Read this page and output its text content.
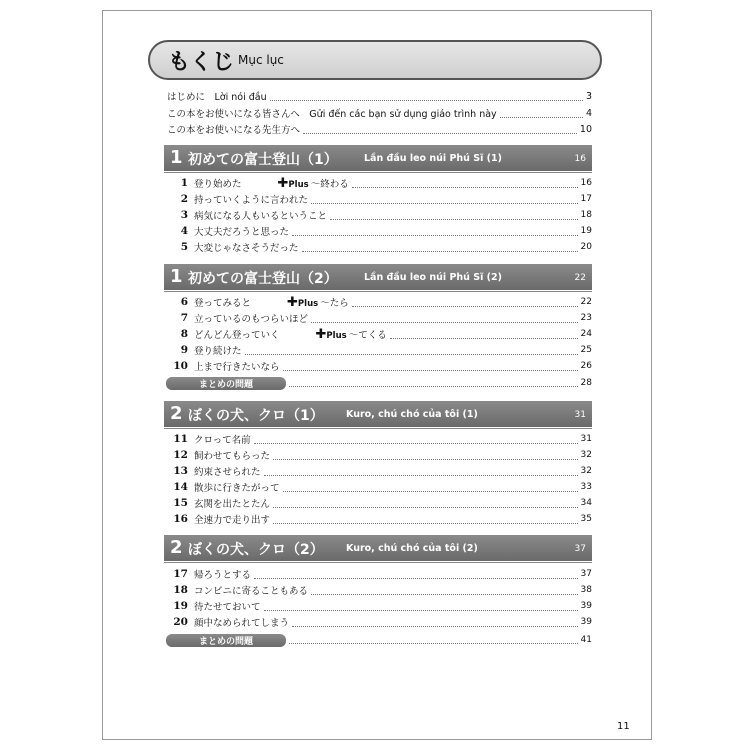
もくじ Mục lục
はじめに　Lời nói đầu	3
この本をお使いになる皆さんへ　Gửi đến các bạn sử dụng giáo trình này	4
この本をお使いになる先生方へ	10
1 初めての富士登山（1）	Lần đầu leo núi Phú Sĩ (1)	16
1 登り始めた	✚Plus ～終わる	16
2 持っていくように言われた	17
3 病気になる人もいるということ	18
4 大丈夫だろうと思った	19
5 大変じゃなさそうだった	20
1 初めての富士登山（2）	Lần đầu leo núi Phú Sĩ (2)	22
6 登ってみると	✚Plus ～たら	22
7 立っているのもつらいほど	23
8 どんどん登っていく	✚Plus ～てくる	24
9 登り続けた	25
10 上まで行きたいなら	26
まとめの問題	28
2 ぼくの犬、クロ（1） Kuro, chú chó của tôi (1)	31
11 クロって名前	31
12 飼わせてもらった	32
13 約束させられた	32
14 散歩に行きたがって	33
15 玄関を出たとたん	34
16 全速力で走り出す	35
2 ぼくの犬、クロ（2） Kuro, chú chó của tôi (2)	37
17 帰ろうとする	37
18 コンビニに寄ることもある	38
19 待たせておいて	39
20 顔中なめられてしまう	39
まとめの問題	41
11
